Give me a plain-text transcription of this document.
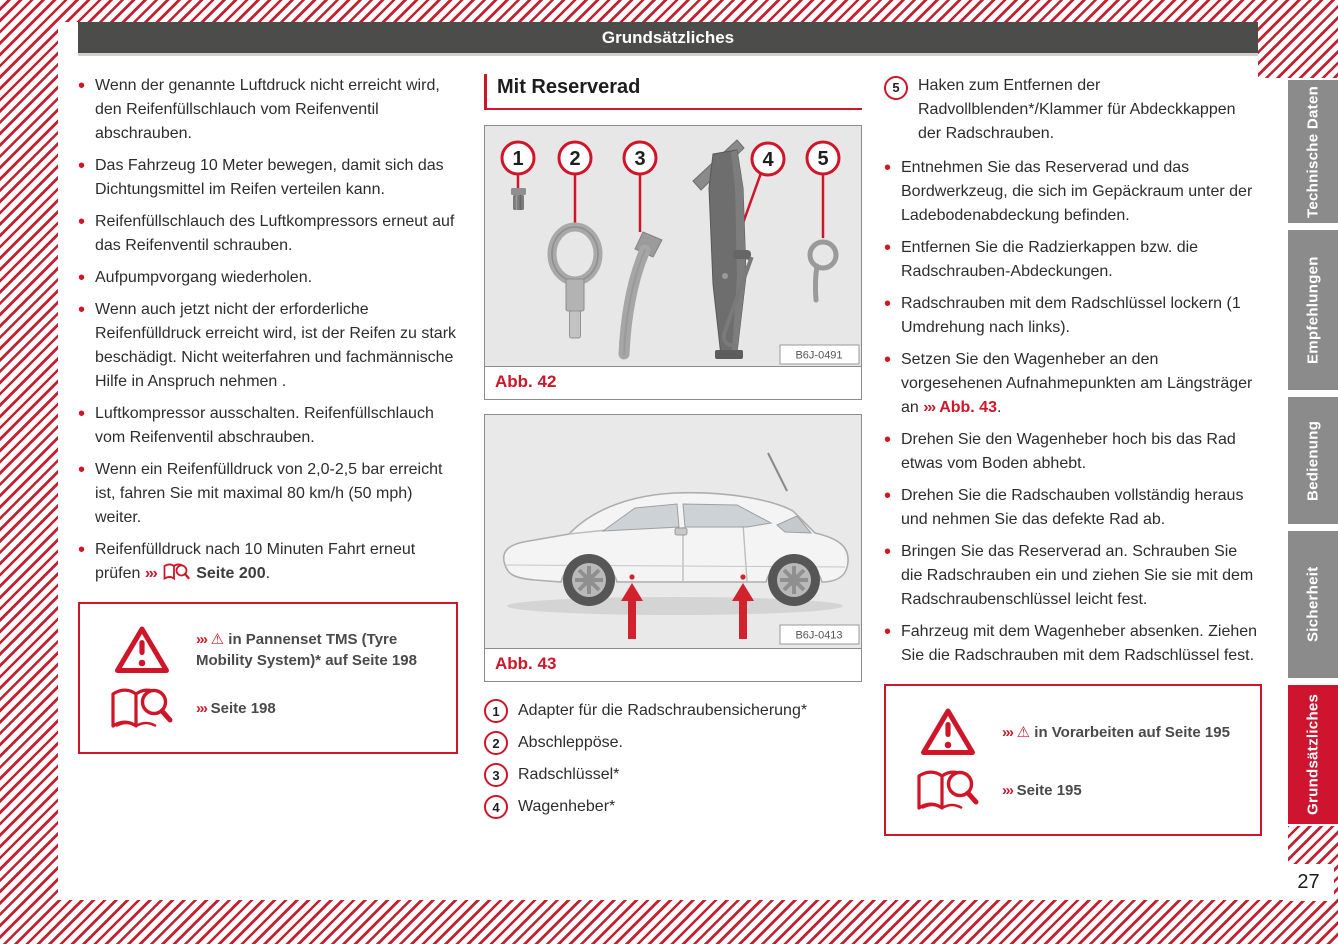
Grundsätzliches

• Wenn der genannte Luftdruck nicht erreicht wird, den Reifenfüllschlauch vom Reifenventil abschrauben.

• Das Fahrzeug 10 Meter bewegen, damit sich das Dichtungsmittel im Reifen verteilen kann.

• Reifenfüllschlauch des Luftkompressors erneut auf das Reifenventil schrauben.

• Aufpumpvorgang wiederholen.

• Wenn auch jetzt nicht der erforderliche Reifenfülldruck erreicht wird, ist der Reifen zu stark beschädigt. Nicht weiterfahren und fachmännische Hilfe in Anspruch nehmen .

• Luftkompressor ausschalten. Reifenfüllschlauch vom Reifenventil abschrauben.

• Wenn ein Reifenfülldruck von 2,0-2,5 bar erreicht ist, fahren Sie mit maximal 80 km/h (50 mph) weiter.

• Reifenfülldruck nach 10 Minuten Fahrt erneut prüfen ››› Seite 200.

››› ⚠ in Pannenset TMS (Tyre Mobility System)* auf Seite 198
››› Seite 198
Mit Reserverad
1 2	3	4 5
B6J-0491
Abb. 42
B6J-0413
Abb. 43
1	Adapter für die Radschraubensicherung*
2	Abschleppöse.
3	Radschlüssel*
4	Wagenheber*
5	Haken zum Entfernen der Radvollblenden*/Klammer für Abdeckkappen der Radschrauben.

• Entnehmen Sie das Reserverad und das Bordwerkzeug, die sich im Gepäckraum unter der Ladebodenabdeckung befinden.

• Entfernen Sie die Radzierkappen bzw. die Radschrauben-Abdeckungen.

• Radschrauben mit dem Radschlüssel lockern (1 Umdrehung nach links).

• Setzen Sie den Wagenheber an den vorgesehenen Aufnahmepunkten am Längsträger an ››› Abb. 43.

• Drehen Sie den Wagenheber hoch bis das Rad etwas vom Boden abhebt.

• Drehen Sie die Radschauben vollständig heraus und nehmen Sie das defekte Rad ab.

• Bringen Sie das Reserverad an. Schrauben Sie die Radschrauben ein und ziehen Sie sie mit dem Radschraubenschlüssel leicht fest.

• Fahrzeug mit dem Wagenheber absenken. Ziehen Sie die Radschrauben mit dem Radschlüssel fest.

››› ⚠ in Vorarbeiten auf Seite 195
››› Seite 195
Technische Daten
Empfehlungen
Bedienung
Sicherheit
Grundsätzliches
27
